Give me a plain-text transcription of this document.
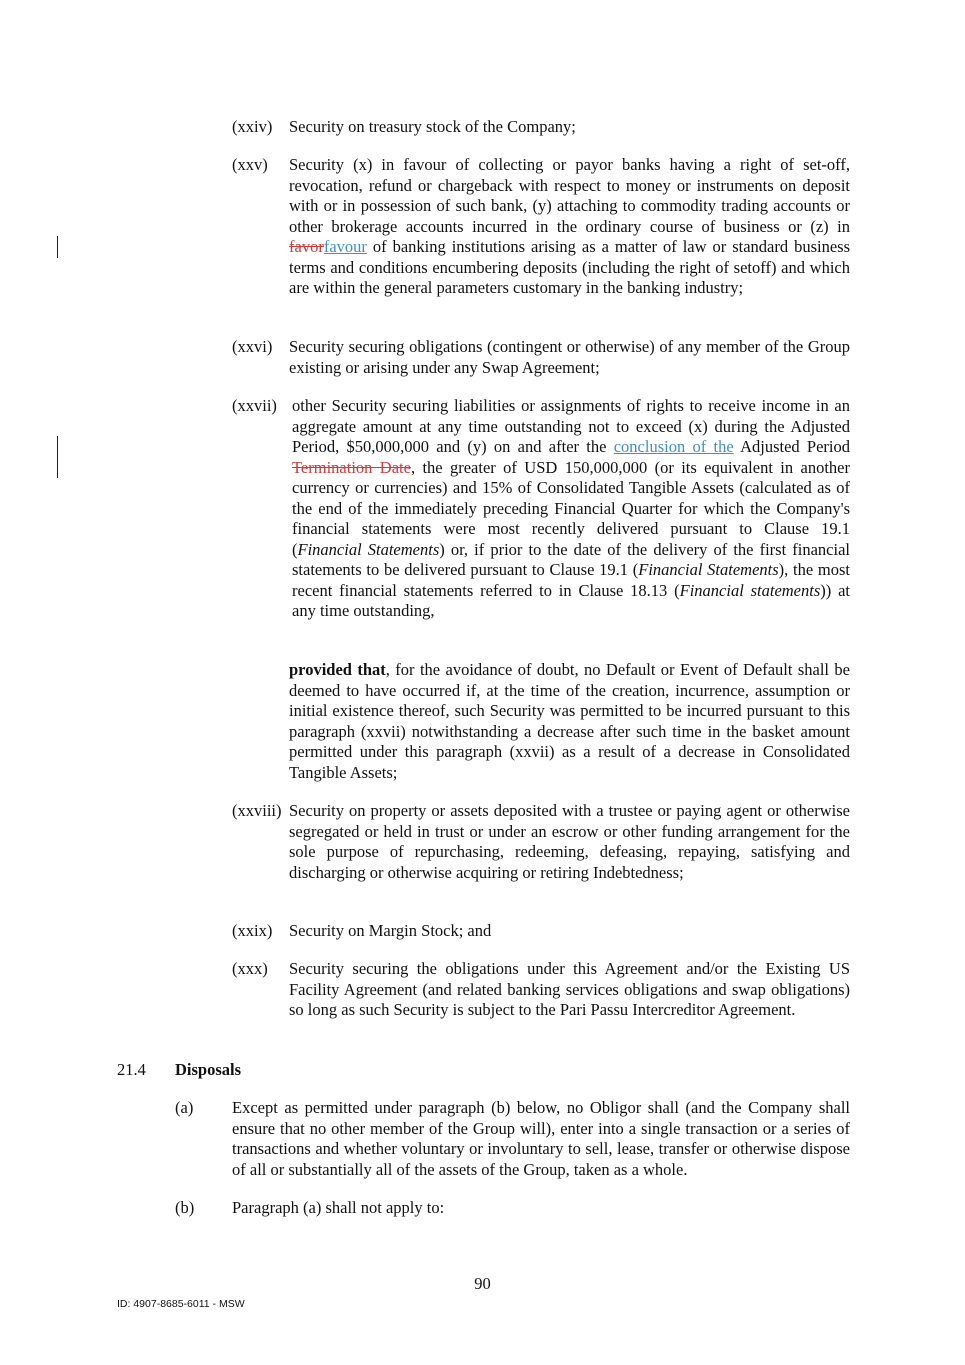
(xxiv) Security on treasury stock of the Company;
(xxv) Security (x) in favour of collecting or payor banks having a right of set-off, revocation, refund or chargeback with respect to money or instruments on deposit with or in possession of such bank, (y) attaching to commodity trading accounts or other brokerage accounts incurred in the ordinary course of business or (z) in favorfavour of banking institutions arising as a matter of law or standard business terms and conditions encumbering deposits (including the right of setoff) and which are within the general parameters customary in the banking industry;
(xxvi) Security securing obligations (contingent or otherwise) of any member of the Group existing or arising under any Swap Agreement;
(xxvii) other Security securing liabilities or assignments of rights to receive income in an aggregate amount at any time outstanding not to exceed (x) during the Adjusted Period, $50,000,000 and (y) on and after the conclusion of the Adjusted Period Termination Date, the greater of USD 150,000,000 (or its equivalent in another currency or currencies) and 15% of Consolidated Tangible Assets (calculated as of the end of the immediately preceding Financial Quarter for which the Company's financial statements were most recently delivered pursuant to Clause 19.1 (Financial Statements) or, if prior to the date of the delivery of the first financial statements to be delivered pursuant to Clause 19.1 (Financial Statements), the most recent financial statements referred to in Clause 18.13 (Financial statements)) at any time outstanding,
provided that, for the avoidance of doubt, no Default or Event of Default shall be deemed to have occurred if, at the time of the creation, incurrence, assumption or initial existence thereof, such Security was permitted to be incurred pursuant to this paragraph (xxvii) notwithstanding a decrease after such time in the basket amount permitted under this paragraph (xxvii) as a result of a decrease in Consolidated Tangible Assets;
(xxviii) Security on property or assets deposited with a trustee or paying agent or otherwise segregated or held in trust or under an escrow or other funding arrangement for the sole purpose of repurchasing, redeeming, defeasing, repaying, satisfying and discharging or otherwise acquiring or retiring Indebtedness;
(xxix) Security on Margin Stock; and
(xxx) Security securing the obligations under this Agreement and/or the Existing US Facility Agreement (and related banking services obligations and swap obligations) so long as such Security is subject to the Pari Passu Intercreditor Agreement.
21.4 Disposals
(a) Except as permitted under paragraph (b) below, no Obligor shall (and the Company shall ensure that no other member of the Group will), enter into a single transaction or a series of transactions and whether voluntary or involuntary to sell, lease, transfer or otherwise dispose of all or substantially all of the assets of the Group, taken as a whole.
(b) Paragraph (a) shall not apply to:
90
ID: 4907-8685-6011 - MSW
